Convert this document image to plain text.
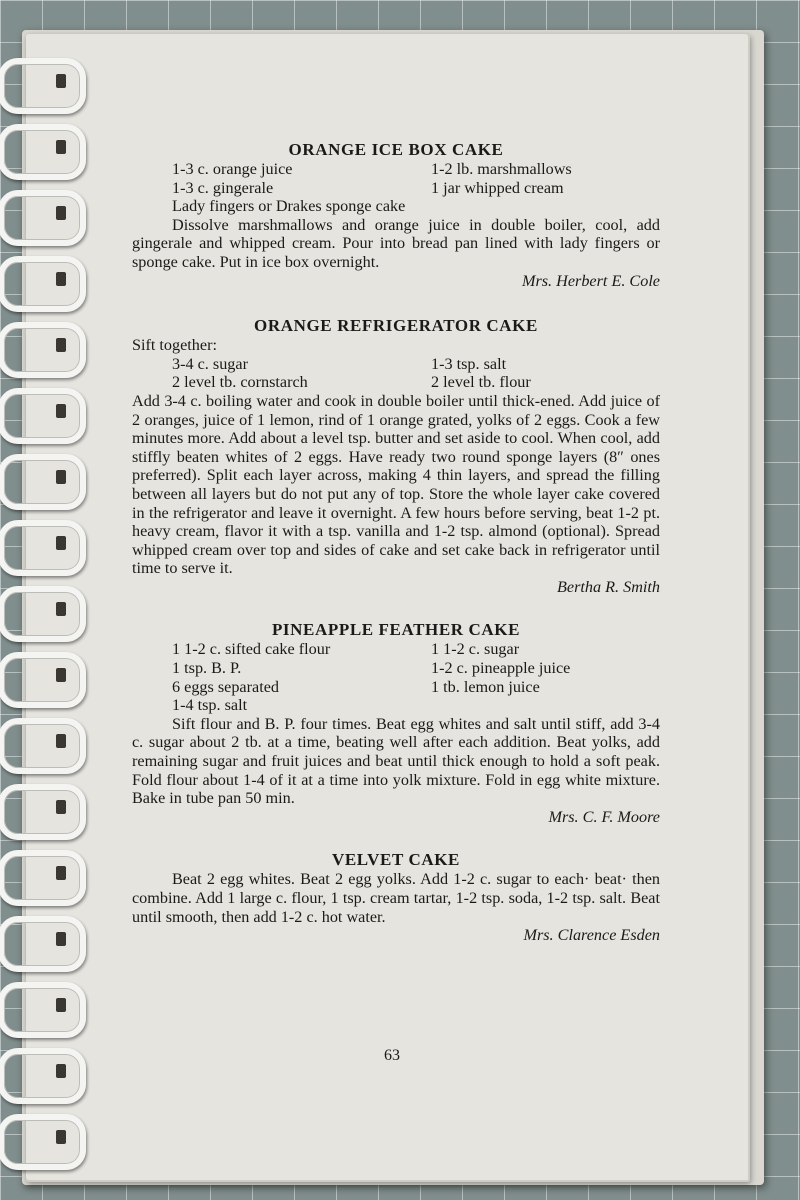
ORANGE ICE BOX CAKE
1-3 c. orange juice
1-3 c. gingerale
1-2 lb. marshmallows
1 jar whipped cream

Lady fingers or Drakes sponge cake

Dissolve marshmallows and orange juice in double boiler, cool, add gingerale and whipped cream. Pour into bread pan lined with lady fingers or sponge cake. Put in ice box overnight.

Mrs. Herbert E. Cole

ORANGE REFRIGERATOR CAKE

Sift together:

3-4 c. sugar
2 level tb. cornstarch
1-3 tsp. salt
2 level tb. flour

Add 3-4 c. boiling water and cook in double boiler until thick-ened. Add juice of 2 oranges, juice of 1 lemon, rind of 1 orange grated, yolks of 2 eggs. Cook a few minutes more. Add about a level tsp. butter and set aside to cool. When cool, add stiffly beaten whites of 2 eggs. Have ready two round sponge layers (8″ ones preferred). Split each layer across, making 4 thin layers, and spread the filling between all layers but do not put any of top. Store the whole layer cake covered in the refrigerator and leave it overnight. A few hours before serving, beat 1-2 pt. heavy cream, flavor it with a tsp. vanilla and 1-2 tsp. almond (optional). Spread whipped cream over top and sides of cake and set cake back in refrigerator until time to serve it.

Bertha R. Smith

PINEAPPLE FEATHER CAKE
1 1-2 c. sifted cake flour
1 tsp. B. P.
6 eggs separated
1-4 tsp. salt
1 1-2 c. sugar
1-2 c. pineapple juice
1 tb. lemon juice

Sift flour and B. P. four times. Beat egg whites and salt until stiff, add 3-4 c. sugar about 2 tb. at a time, beating well after each addition. Beat yolks, add remaining sugar and fruit juices and beat until thick enough to hold a soft peak. Fold flour about 1-4 of it at a time into yolk mixture. Fold in egg white mixture. Bake in tube pan 50 min.

Mrs. C. F. Moore

VELVET CAKE

Beat 2 egg whites. Beat 2 egg yolks. Add 1-2 c. sugar to each· beat· then combine. Add 1 large c. flour, 1 tsp. cream tartar, 1-2 tsp. soda, 1-2 tsp. salt. Beat until smooth, then add 1-2 c. hot water.

Mrs. Clarence Esden

63
